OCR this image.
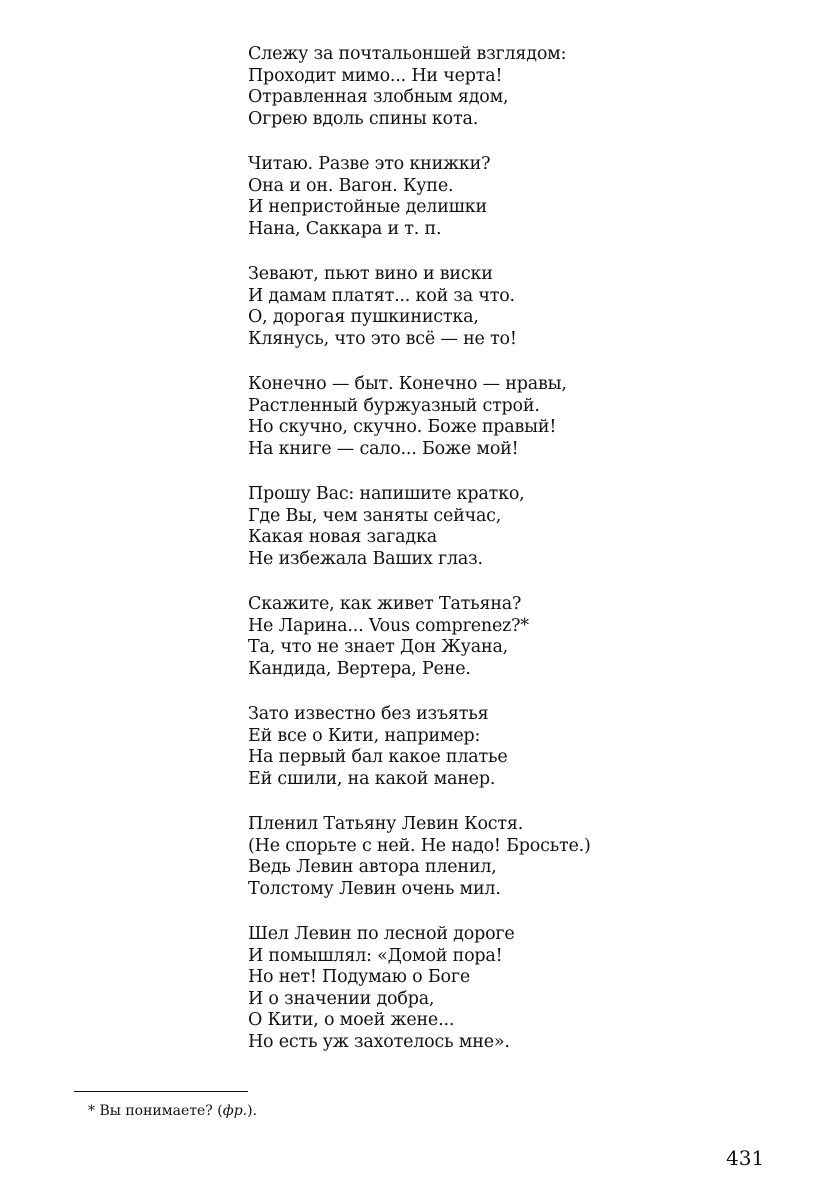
Слежу за почтальоншей взглядом:
Проходит мимо... Ни черта!
Отравленная злобным ядом,
Огрею вдоль спины кота.
Читаю. Разве это книжки?
Она и он. Вагон. Купе.
И непристойные делишки
Нана, Саккара и т. п.
Зевают, пьют вино и виски
И дамам платят... кой за что.
О, дорогая пушкинистка,
Клянусь, что это всё — не то!
Конечно — быт. Конечно — нравы,
Растленный буржуазный строй.
Но скучно, скучно. Боже правый!
На книге — сало... Боже мой!
Прошу Вас: напишите кратко,
Где Вы, чем заняты сейчас,
Какая новая загадка
Не избежала Ваших глаз.
Скажите, как живет Татьяна?
Не Ларина... Vous comprenez?*
Та, что не знает Дон Жуана,
Кандида, Вертера, Рене.
Зато известно без изъятья
Ей все о Кити, например:
На первый бал какое платье
Ей сшили, на какой манер.
Пленил Татьяну Левин Костя.
(Не спорьте с ней. Не надо! Бросьте.)
Ведь Левин автора пленил,
Толстому Левин очень мил.
Шел Левин по лесной дороге
И помышлял: «Домой пора!
Но нет! Подумаю о Боге
И о значении добра,
О Кити, о моей жене...
Но есть уж захотелось мне».
* Вы понимаете? (фр.).
431
